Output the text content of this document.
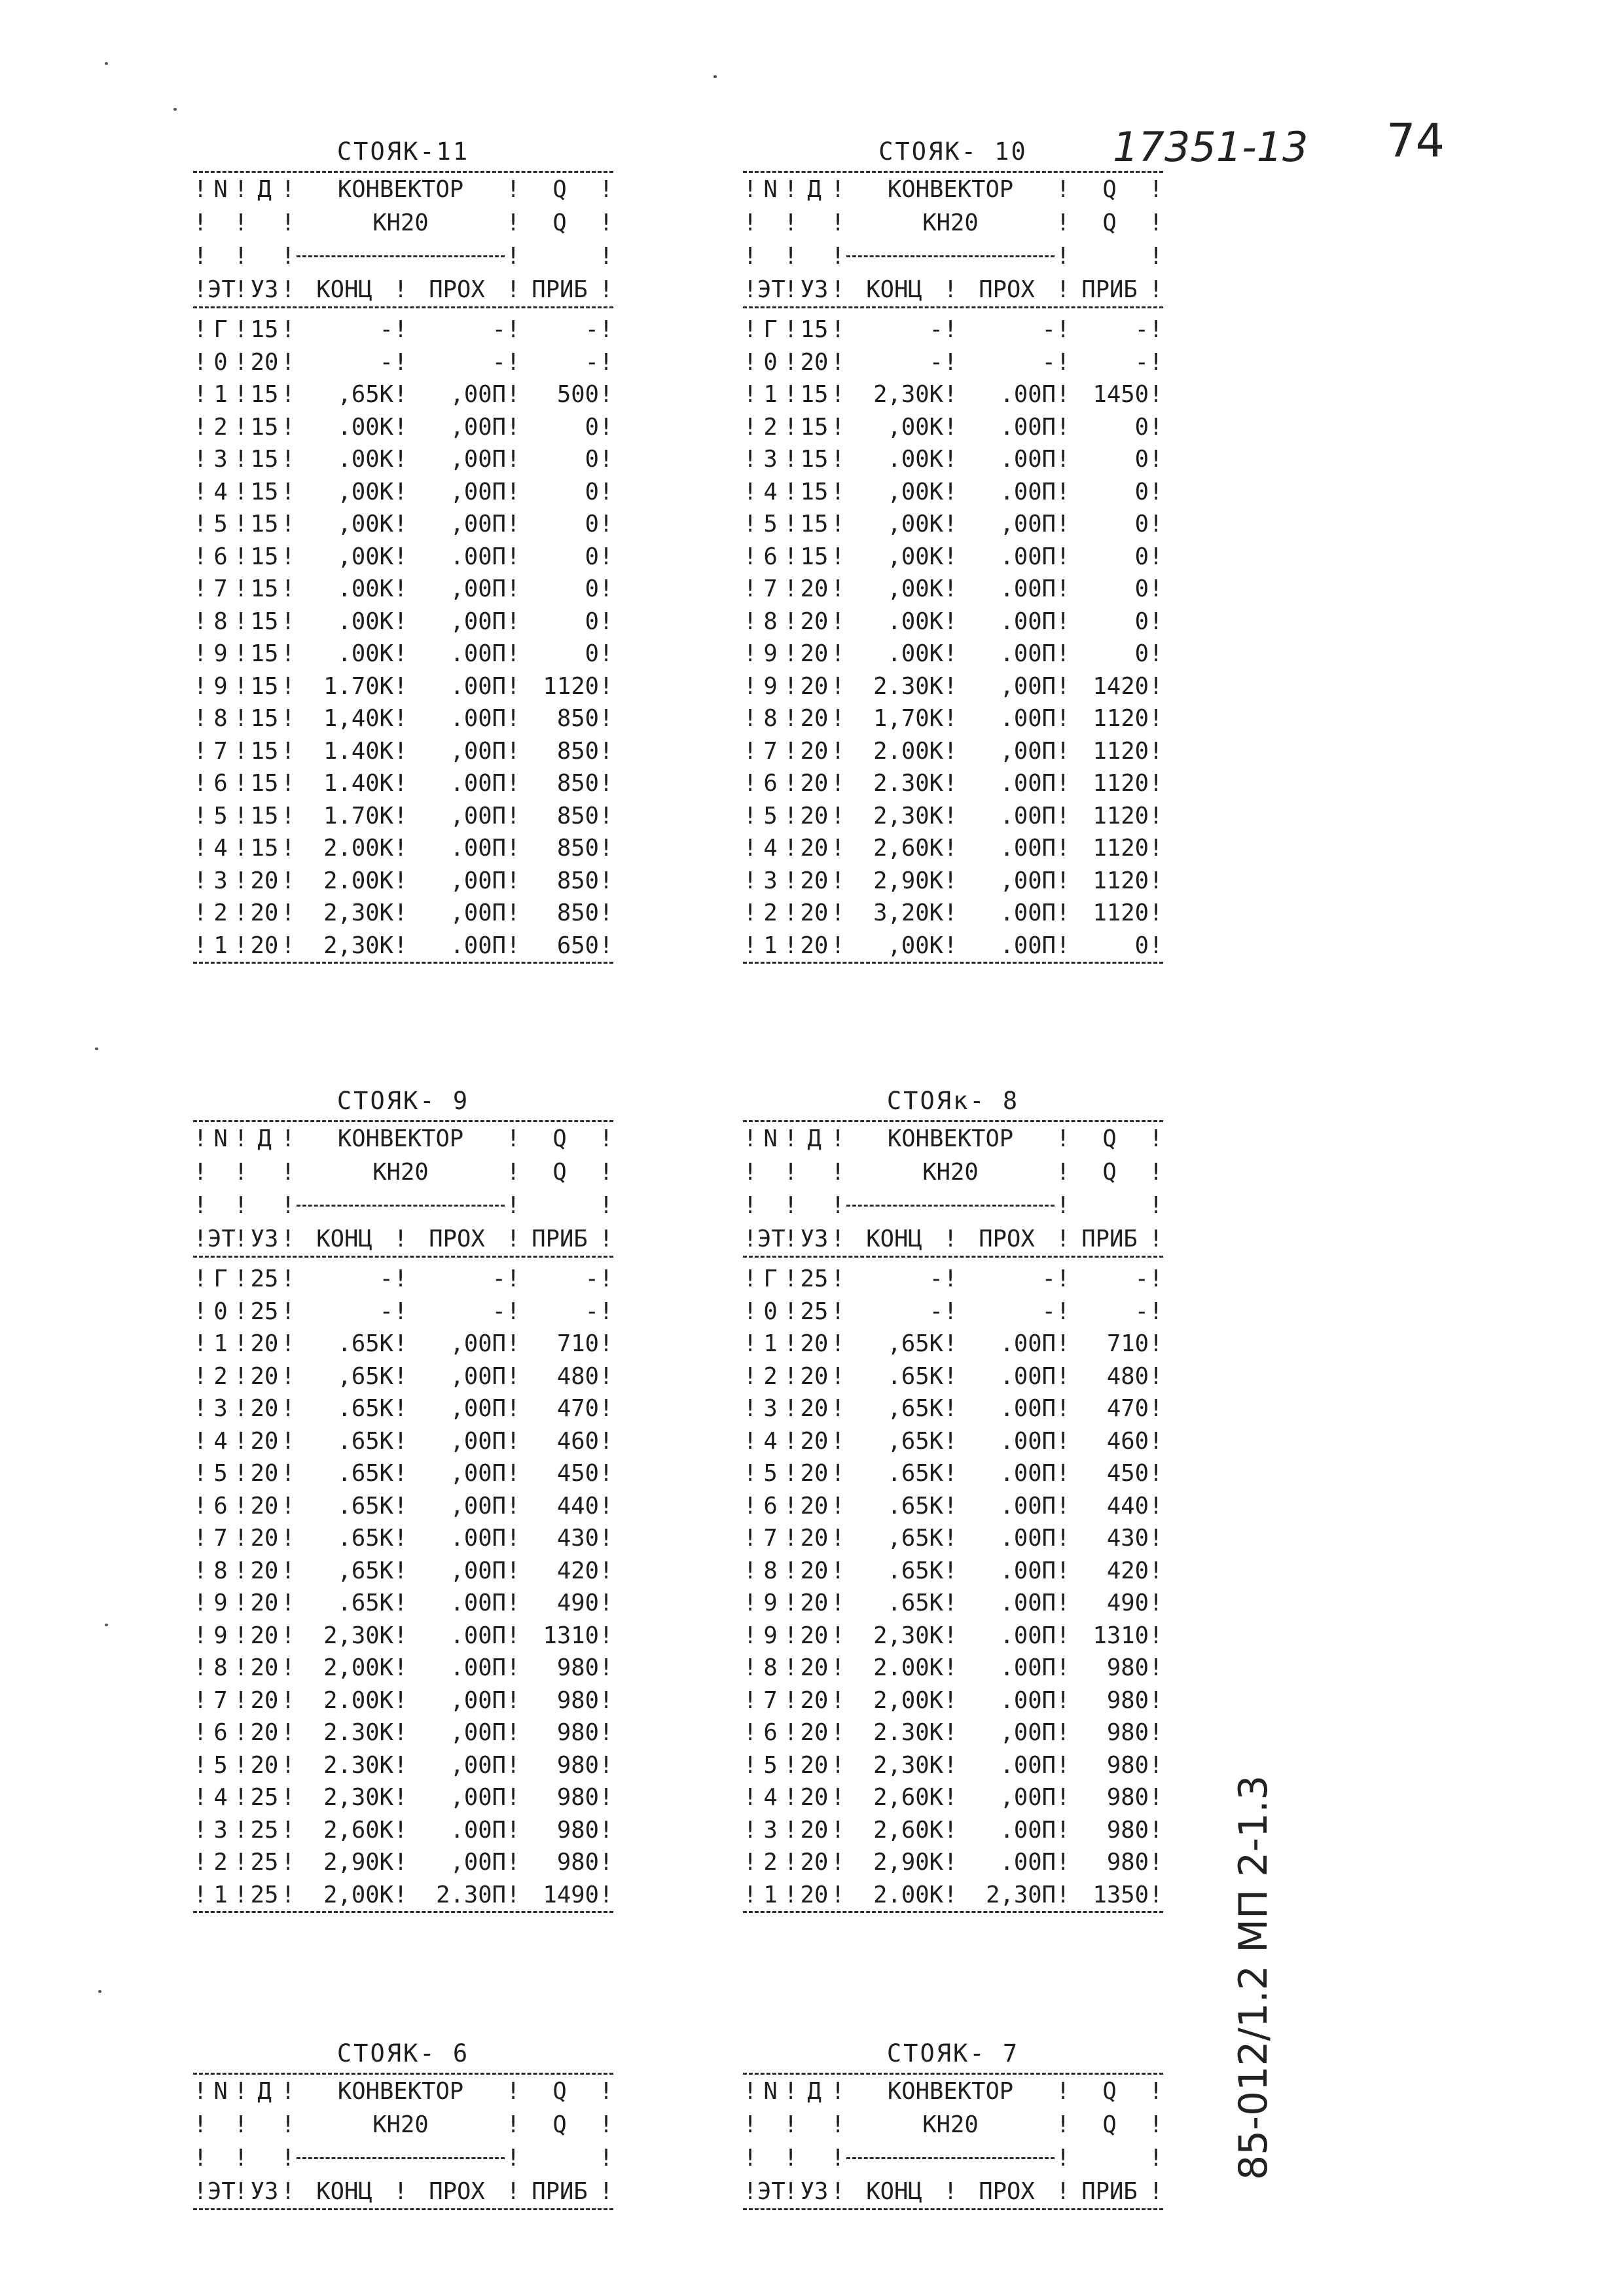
74
17351-13
85-012/1.2 МП 2-1.3
СТОЯК-11
!	N	!	Д	!	КОНВЕКТОР			!	Q	!
!		!		!	КН20			!	Q	!
!		!		!				!		!
!	ЭТ	!	УЗ	!	КОНЦ	!	ПРОХ	!	ПРИБ	!
!	Г	!	15	!	-	!	-	!	-	!
!	0	!	20	!	-	!	-	!	-	!
!	1	!	15	!	,65К	!	,00П	!	500	!
!	2	!	15	!	.00К	!	,00П	!	0	!
!	3	!	15	!	.00К	!	,00П	!	0	!
!	4	!	15	!	,00К	!	,00П	!	0	!
!	5	!	15	!	,00К	!	,00П	!	0	!
!	6	!	15	!	,00К	!	.00П	!	0	!
!	7	!	15	!	.00К	!	,00П	!	0	!
!	8	!	15	!	.00К	!	,00П	!	0	!
!	9	!	15	!	.00К	!	.00П	!	0	!
!	9	!	15	!	1.70К	!	.00П	!	1120	!
!	8	!	15	!	1,40К	!	.00П	!	850	!
!	7	!	15	!	1.40К	!	,00П	!	850	!
!	6	!	15	!	1.40К	!	.00П	!	850	!
!	5	!	15	!	1.70К	!	,00П	!	850	!
!	4	!	15	!	2.00К	!	.00П	!	850	!
!	3	!	20	!	2.00К	!	,00П	!	850	!
!	2	!	20	!	2,30К	!	,00П	!	850	!
!	1	!	20	!	2,30К	!	.00П	!	650	!
СТОЯК- 10
!	N	!	Д	!	КОНВЕКТОР			!	Q	!
!		!		!	КН20			!	Q	!
!		!		!				!		!
!	ЭТ	!	УЗ	!	КОНЦ	!	ПРОХ	!	ПРИБ	!
!	Г	!	15	!	-	!	-	!	-	!
!	0	!	20	!	-	!	-	!	-	!
!	1	!	15	!	2,30К	!	.00П	!	1450	!
!	2	!	15	!	,00К	!	.00П	!	0	!
!	3	!	15	!	.00К	!	.00П	!	0	!
!	4	!	15	!	,00К	!	.00П	!	0	!
!	5	!	15	!	,00К	!	,00П	!	0	!
!	6	!	15	!	,00К	!	.00П	!	0	!
!	7	!	20	!	,00К	!	.00П	!	0	!
!	8	!	20	!	.00К	!	.00П	!	0	!
!	9	!	20	!	.00К	!	.00П	!	0	!
!	9	!	20	!	2.30К	!	,00П	!	1420	!
!	8	!	20	!	1,70К	!	.00П	!	1120	!
!	7	!	20	!	2.00К	!	,00П	!	1120	!
!	6	!	20	!	2.30К	!	.00П	!	1120	!
!	5	!	20	!	2,30К	!	.00П	!	1120	!
!	4	!	20	!	2,60К	!	.00П	!	1120	!
!	3	!	20	!	2,90К	!	,00П	!	1120	!
!	2	!	20	!	3,20К	!	.00П	!	1120	!
!	1	!	20	!	,00К	!	.00П	!	0	!
СТОЯК- 9
!	N	!	Д	!	КОНВЕКТОР			!	Q	!
!		!		!	КН20			!	Q	!
!		!		!				!		!
!	ЭТ	!	УЗ	!	КОНЦ	!	ПРОХ	!	ПРИБ	!
!	Г	!	25	!	-	!	-	!	-	!
!	0	!	25	!	-	!	-	!	-	!
!	1	!	20	!	.65К	!	,00П	!	710	!
!	2	!	20	!	,65К	!	,00П	!	480	!
!	3	!	20	!	.65К	!	,00П	!	470	!
!	4	!	20	!	.65К	!	,00П	!	460	!
!	5	!	20	!	.65К	!	,00П	!	450	!
!	6	!	20	!	.65К	!	,00П	!	440	!
!	7	!	20	!	.65К	!	.00П	!	430	!
!	8	!	20	!	,65К	!	,00П	!	420	!
!	9	!	20	!	.65К	!	.00П	!	490	!
!	9	!	20	!	2,30К	!	.00П	!	1310	!
!	8	!	20	!	2,00К	!	.00П	!	980	!
!	7	!	20	!	2.00К	!	,00П	!	980	!
!	6	!	20	!	2.30К	!	,00П	!	980	!
!	5	!	20	!	2.30К	!	,00П	!	980	!
!	4	!	25	!	2,30К	!	,00П	!	980	!
!	3	!	25	!	2,60К	!	.00П	!	980	!
!	2	!	25	!	2,90К	!	,00П	!	980	!
!	1	!	25	!	2,00К	!	2.30П	!	1490	!
СТОЯк- 8
!	N	!	Д	!	КОНВЕКТОР			!	Q	!
!		!		!	КН20			!	Q	!
!		!		!				!		!
!	ЭТ	!	УЗ	!	КОНЦ	!	ПРОХ	!	ПРИБ	!
!	Г	!	25	!	-	!	-	!	-	!
!	0	!	25	!	-	!	-	!	-	!
!	1	!	20	!	,65К	!	.00П	!	710	!
!	2	!	20	!	.65К	!	.00П	!	480	!
!	3	!	20	!	,65К	!	.00П	!	470	!
!	4	!	20	!	,65К	!	.00П	!	460	!
!	5	!	20	!	.65К	!	.00П	!	450	!
!	6	!	20	!	.65К	!	.00П	!	440	!
!	7	!	20	!	,65К	!	.00П	!	430	!
!	8	!	20	!	.65К	!	.00П	!	420	!
!	9	!	20	!	.65К	!	.00П	!	490	!
!	9	!	20	!	2,30К	!	.00П	!	1310	!
!	8	!	20	!	2.00К	!	.00П	!	980	!
!	7	!	20	!	2,00К	!	.00П	!	980	!
!	6	!	20	!	2.30К	!	,00П	!	980	!
!	5	!	20	!	2,30К	!	.00П	!	980	!
!	4	!	20	!	2,60К	!	,00П	!	980	!
!	3	!	20	!	2,60К	!	.00П	!	980	!
!	2	!	20	!	2,90К	!	.00П	!	980	!
!	1	!	20	!	2.00К	!	2,30П	!	1350	!
СТОЯК- 6
!	N	!	Д	!	КОНВЕКТОР			!	Q	!
!		!		!	КН20			!	Q	!
!		!		!				!		!
!	ЭТ	!	УЗ	!	КОНЦ	!	ПРОХ	!	ПРИБ	!
СТОЯК- 7
!	N	!	Д	!	КОНВЕКТОР			!	Q	!
!		!		!	КН20			!	Q	!
!		!		!				!		!
!	ЭТ	!	УЗ	!	КОНЦ	!	ПРОХ	!	ПРИБ	!
